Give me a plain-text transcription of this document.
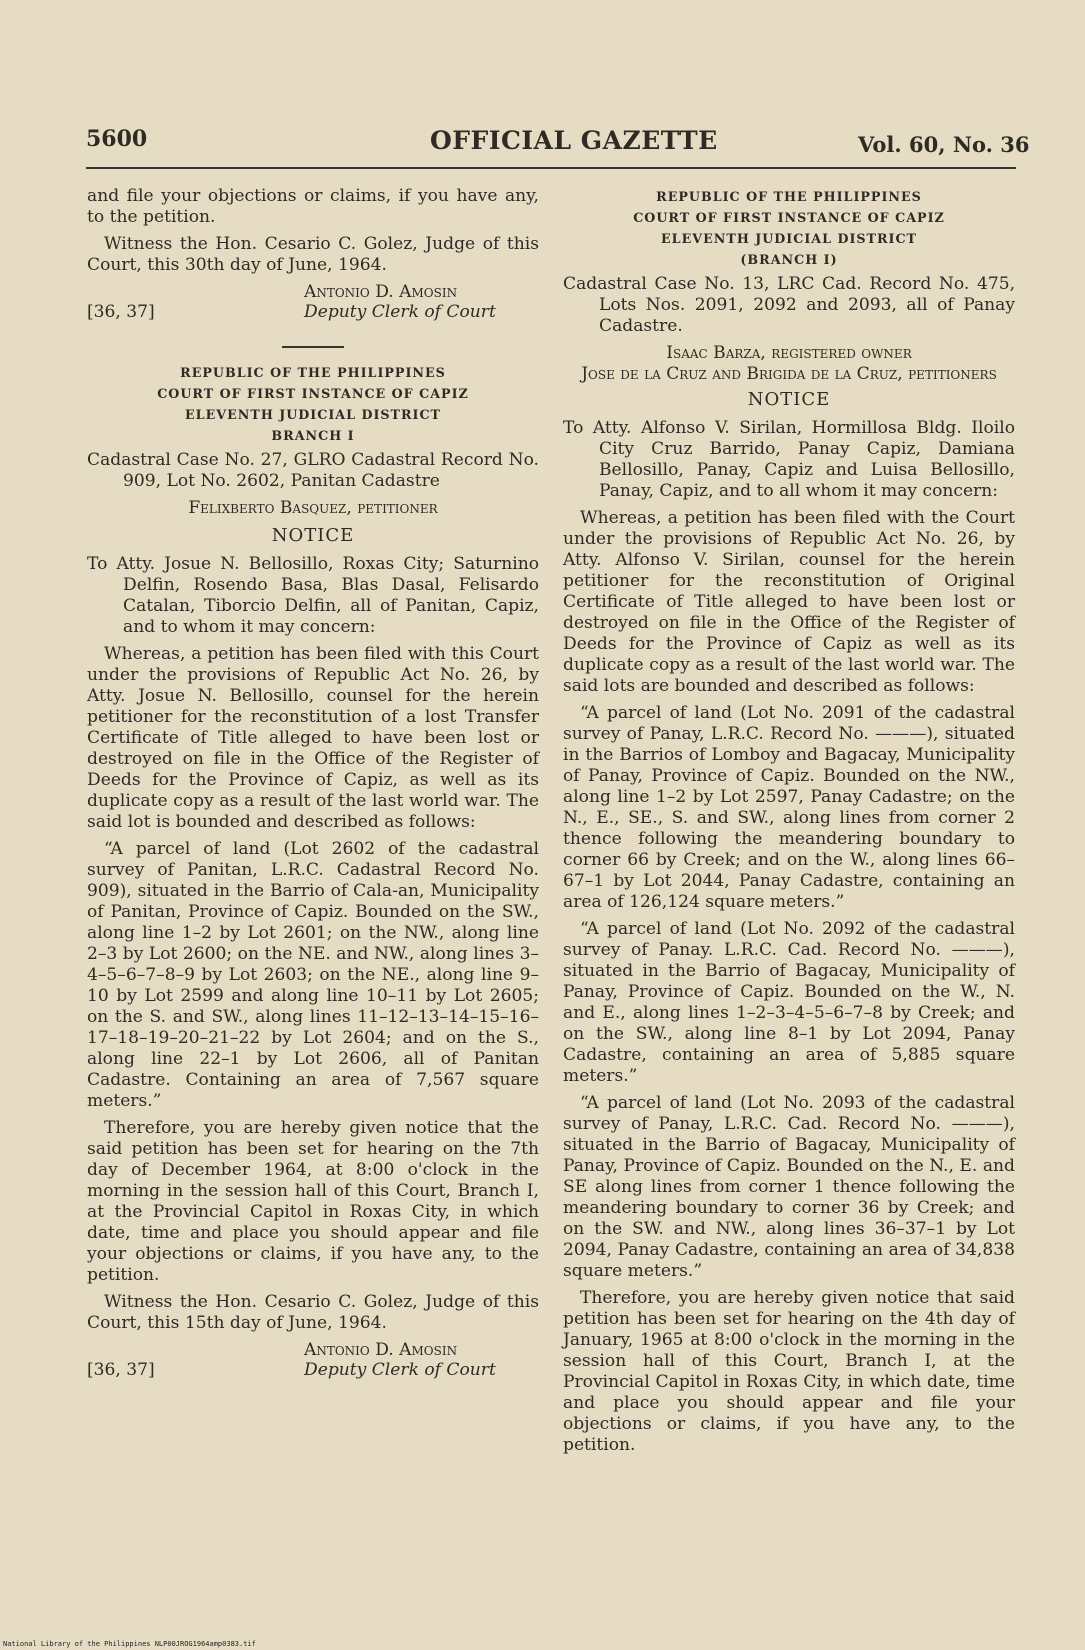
5600	OFFICIAL GAZETTE	Vol. 60, No. 36

and file your objections or claims, if you have any, to the petition.

Witness the Hon. Cesario C. Golez, Judge of this Court, this 30th day of June, 1964.

Antonio D. Amosin
[36, 37]	Deputy Clerk of Court
REPUBLIC OF THE PHILIPPINES
COURT OF FIRST INSTANCE OF CAPIZ
ELEVENTH JUDICIAL DISTRICT
BRANCH I

Cadastral Case No. 27, GLRO Cadastral Record No. 909, Lot No. 2602, Panitan Cadastre

Felixberto Basquez, petitioner
NOTICE

To Atty. Josue N. Bellosillo, Roxas City; Saturnino Delfin, Rosendo Basa, Blas Dasal, Felisardo Catalan, Tiborcio Delfin, all of Panitan, Capiz, and to whom it may concern:

Whereas, a petition has been filed with this Court under the provisions of Republic Act No. 26, by Atty. Josue N. Bellosillo, counsel for the herein petitioner for the reconstitution of a lost Transfer Certificate of Title alleged to have been lost or destroyed on file in the Office of the Register of Deeds for the Province of Capiz, as well as its duplicate copy as a result of the last world war. The said lot is bounded and described as follows:

“A parcel of land (Lot 2602 of the cadastral survey of Panitan, L.R.C. Cadastral Record No. 909), situated in the Barrio of Cala-an, Municipality of Panitan, Province of Capiz. Bounded on the SW., along line 1–2 by Lot 2601; on the NW., along line 2–3 by Lot 2600; on the NE. and NW., along lines 3–4–5–6–7–8–9 by Lot 2603; on the NE., along line 9–10 by Lot 2599 and along line 10–11 by Lot 2605; on the S. and SW., along lines 11–12–13–14–15–16–17–18–19–20–21–22 by Lot 2604; and on the S., along line 22–1 by Lot 2606, all of Panitan Cadastre. Containing an area of 7,567 square meters.”

Therefore, you are hereby given notice that the said petition has been set for hearing on the 7th day of December 1964, at 8:00 o'clock in the morning in the session hall of this Court, Branch I, at the Provincial Capitol in Roxas City, in which date, time and place you should appear and file your objections or claims, if you have any, to the petition.

Witness the Hon. Cesario C. Golez, Judge of this Court, this 15th day of June, 1964.

Antonio D. Amosin
[36, 37]	Deputy Clerk of Court
REPUBLIC OF THE PHILIPPINES
COURT OF FIRST INSTANCE OF CAPIZ
ELEVENTH JUDICIAL DISTRICT
(BRANCH I)

Cadastral Case No. 13, LRC Cad. Record No. 475, Lots Nos. 2091, 2092 and 2093, all of Panay Cadastre.

Isaac Barza, registered owner
Jose de la Cruz and Brigida de la Cruz, petitioners
NOTICE

To Atty. Alfonso V. Sirilan, Hormillosa Bldg. Iloilo City Cruz Barrido, Panay Capiz, Damiana Bellosillo, Panay, Capiz and Luisa Bellosillo, Panay, Capiz, and to all whom it may concern:

Whereas, a petition has been filed with the Court under the provisions of Republic Act No. 26, by Atty. Alfonso V. Sirilan, counsel for the herein petitioner for the reconstitution of Original Certificate of Title alleged to have been lost or destroyed on file in the Office of the Register of Deeds for the Province of Capiz as well as its duplicate copy as a result of the last world war. The said lots are bounded and described as follows:

“A parcel of land (Lot No. 2091 of the cadastral survey of Panay, L.R.C. Record No. ———), situated in the Barrios of Lomboy and Bagacay, Municipality of Panay, Province of Capiz. Bounded on the NW., along line 1–2 by Lot 2597, Panay Cadastre; on the N., E., SE., S. and SW., along lines from corner 2 thence following the meandering boundary to corner 66 by Creek; and on the W., along lines 66–67–1 by Lot 2044, Panay Cadastre, containing an area of 126,124 square meters.”

“A parcel of land (Lot No. 2092 of the cadastral survey of Panay. L.R.C. Cad. Record No. ———), situated in the Barrio of Bagacay, Municipality of Panay, Province of Capiz. Bounded on the W., N. and E., along lines 1–2–3–4–5–6–7–8 by Creek; and on the SW., along line 8–1 by Lot 2094, Panay Cadastre, containing an area of 5,885 square meters.”

“A parcel of land (Lot No. 2093 of the cadastral survey of Panay, L.R.C. Cad. Record No. ———), situated in the Barrio of Bagacay, Municipality of Panay, Province of Capiz. Bounded on the N., E. and SE along lines from corner 1 thence following the meandering boundary to corner 36 by Creek; and on the SW. and NW., along lines 36–37–1 by Lot 2094, Panay Cadastre, containing an area of 34,838 square meters.”

Therefore, you are hereby given notice that said petition has been set for hearing on the 4th day of January, 1965 at 8:00 o'clock in the morning in the session hall of this Court, Branch I, at the Provincial Capitol in Roxas City, in which date, time and place you should appear and file your objections or claims, if you have any, to the petition.

National Library of the Philippines NLP00JROG1964amp0383.tif
